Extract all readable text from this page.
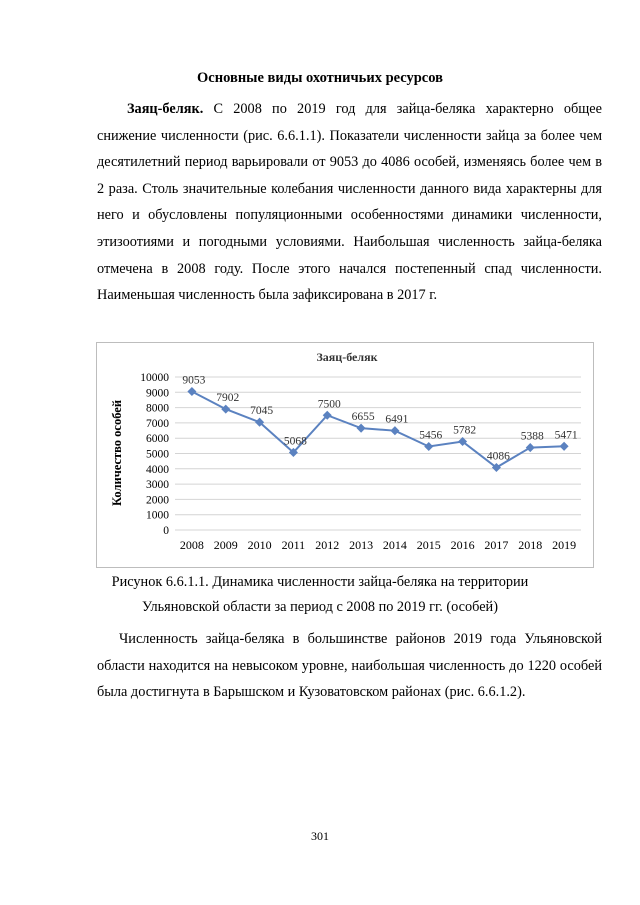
Основные виды охотничьих ресурсов
Заяц-беляк. С 2008 по 2019 год для зайца-беляка характерно общее снижение численности (рис. 6.6.1.1). Показатели численности зайца за более чем десятилетний период варьировали от 9053 до 4086 особей, изменяясь более чем в 2 раза. Столь значительные колебания численности данного вида характерны для него и обусловлены популяционными особенностями динамики численности, этизоотиями и погодными условиями. Наибольшая численность зайца-беляка отмечена в 2008 году. После этого начался постепенный спад численности. Наименьшая численность была зафиксирована в 2017 г.
Заяц-беляк
Количество особей
0
1000
2000
3000
4000
5000
6000
7000
8000
9000
10000
2008 2009 2010 2011 2012 2013 2014 2015 2016 2017 2018 2019
9053
7902
7045
5068
7500
6655 6491
5456 5782
4086
5388 5471
Рисунок 6.6.1.1. Динамика численности зайца-беляка на территории
Ульяновской области за период с 2008 по 2019 гг. (особей)
Численность зайца-беляка в большинстве районов 2019 года Ульяновской области находится на невысоком уровне, наибольшая численность до 1220 особей была достигнута в Барышском и Кузоватовском районах (рис. 6.6.1.2).
301
